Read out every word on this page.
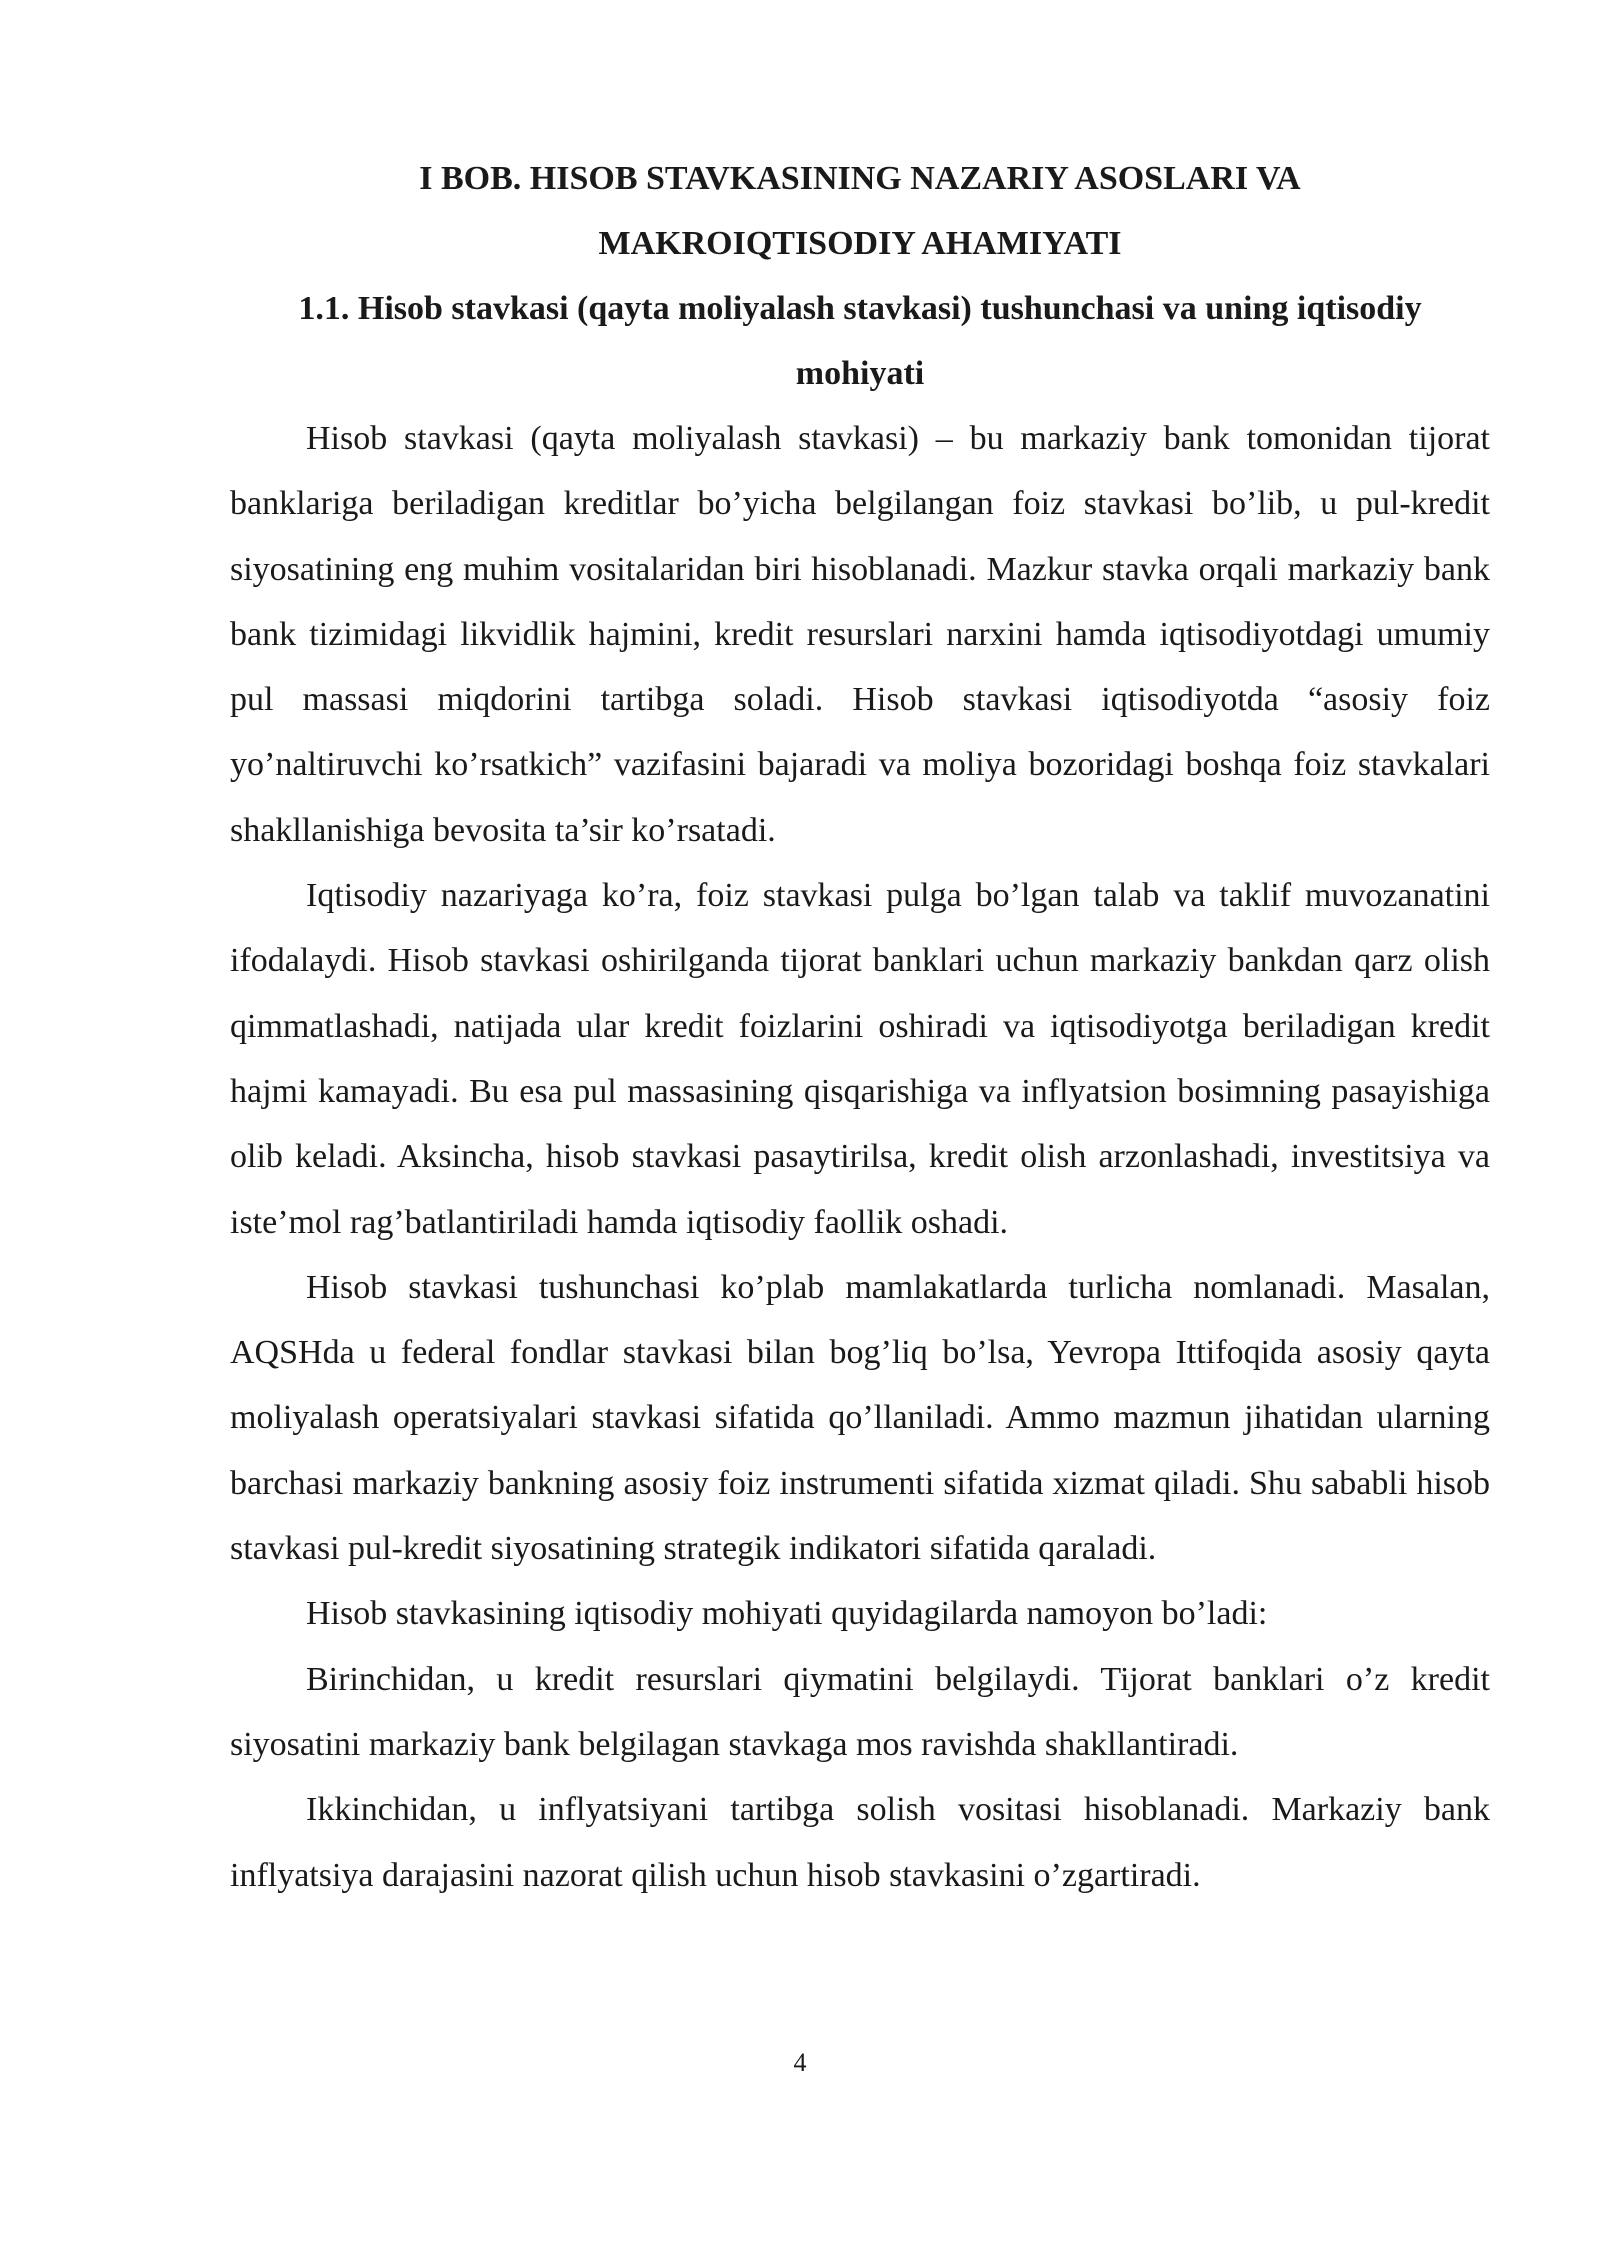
I BOB. HISOB STAVKASINING NAZARIY ASOSLARI VA
MAKROIQTISODIY AHAMIYATI
1.1. Hisob stavkasi (qayta moliyalash stavkasi) tushunchasi va uning iqtisodiy mohiyati

Hisob stavkasi (qayta moliyalash stavkasi) – bu markaziy bank tomonidan tijorat banklariga beriladigan kreditlar bo’yicha belgilangan foiz stavkasi bo’lib, u pul-kredit siyosatining eng muhim vositalaridan biri hisoblanadi. Mazkur stavka orqali markaziy bank bank tizimidagi likvidlik hajmini, kredit resurslari narxini hamda iqtisodiyotdagi umumiy pul massasi miqdorini tartibga soladi. Hisob stavkasi iqtisodiyotda “asosiy foiz yo’naltiruvchi ko’rsatkich” vazifasini bajaradi va moliya bozoridagi boshqa foiz stavkalari shakllanishiga bevosita ta’sir ko’rsatadi.

Iqtisodiy nazariyaga ko’ra, foiz stavkasi pulga bo’lgan talab va taklif muvozanatini ifodalaydi. Hisob stavkasi oshirilganda tijorat banklari uchun markaziy bankdan qarz olish qimmatlashadi, natijada ular kredit foizlarini oshiradi va iqtisodiyotga beriladigan kredit hajmi kamayadi. Bu esa pul massasining qisqarishiga va inflyatsion bosimning pasayishiga olib keladi. Aksincha, hisob stavkasi pasaytirilsa, kredit olish arzonlashadi, investitsiya va iste’mol rag’batlantiriladi hamda iqtisodiy faollik oshadi.

Hisob stavkasi tushunchasi ko’plab mamlakatlarda turlicha nomlanadi. Masalan, AQSHda u federal fondlar stavkasi bilan bog’liq bo’lsa, Yevropa Ittifoqida asosiy qayta moliyalash operatsiyalari stavkasi sifatida qo’llaniladi. Ammo mazmun jihatidan ularning barchasi markaziy bankning asosiy foiz instrumenti sifatida xizmat qiladi. Shu sababli hisob stavkasi pul-kredit siyosatining strategik indikatori sifatida qaraladi.

Hisob stavkasining iqtisodiy mohiyati quyidagilarda namoyon bo’ladi:

Birinchidan, u kredit resurslari qiymatini belgilaydi. Tijorat banklari o’z kredit siyosatini markaziy bank belgilagan stavkaga mos ravishda shakllantiradi.

Ikkinchidan, u inflyatsiyani tartibga solish vositasi hisoblanadi. Markaziy bank inflyatsiya darajasini nazorat qilish uchun hisob stavkasini o’zgartiradi.

4
